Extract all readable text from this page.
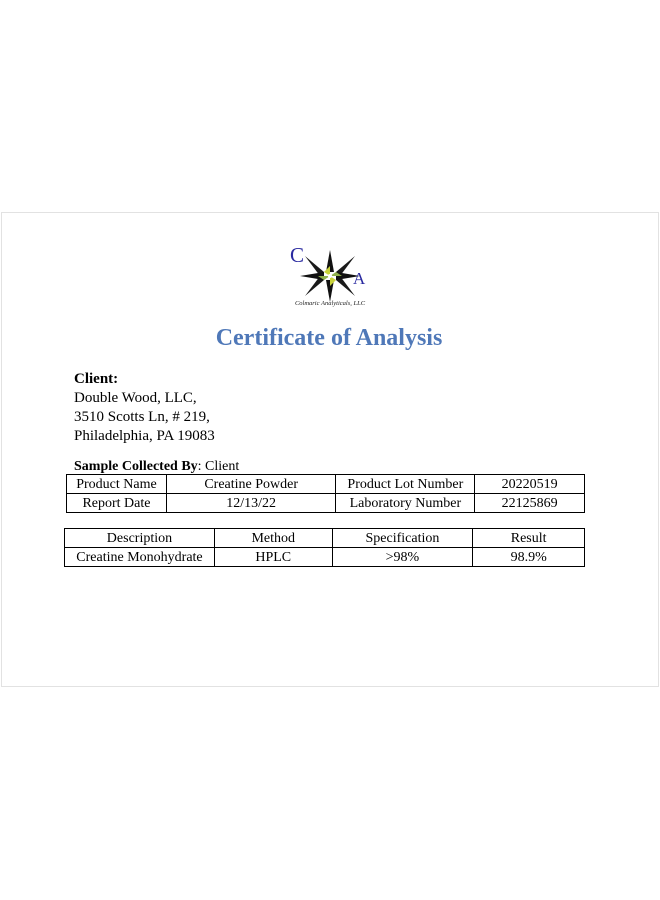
C
A
Colmaric Analyticals, LLC
Certificate of Analysis
Client:
Double Wood, LLC,
3510 Scotts Ln, # 219,
Philadelphia, PA 19083
Sample Collected By: Client
Product Name	Creatine Powder	Product Lot Number	20220519
Report Date	12/13/22	Laboratory Number	22125869
Description	Method	Specification	Result
Creatine Monohydrate	HPLC	>98%	98.9%
